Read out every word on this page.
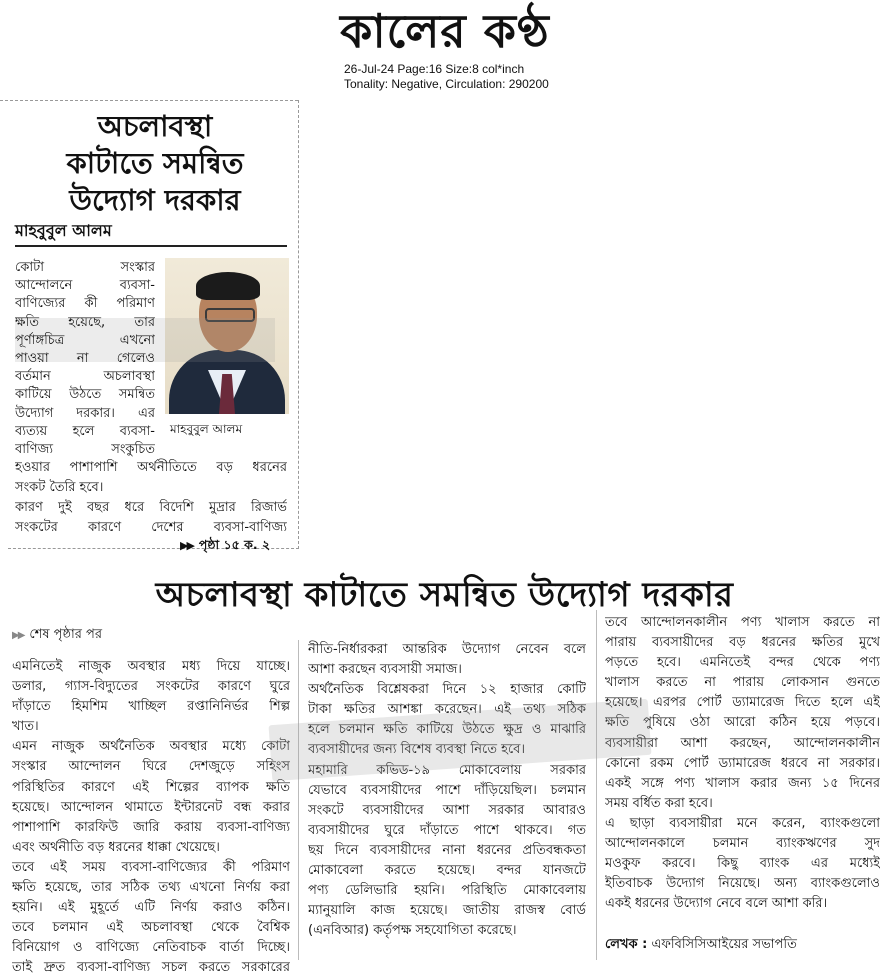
কালের কণ্ঠ
26-Jul-24 Page:16 Size:8 col*inch
Tonality: Negative, Circulation: 290200
অচলাবস্থা
কাটাতে সমন্বিত
উদ্যোগ দরকার
মাহবুবুল আলম
মাহবুবুল আলম
কোটা সংস্কার
আন্দোলনে ব্যবসা-
বাণিজ্যের কী পরিমাণ
ক্ষতি হয়েছে, তার
পূর্ণাঙ্গচিত্র এখনো
পাওয়া না গেলেও
বর্তমান অচলাবস্থা
কাটিয়ে উঠতে সমন্বিত
উদ্যোগ দরকার। এর
ব্যত্যয় হলে ব্যবসা-
বাণিজ্য সংকুচিত
হওয়ার পাশাপাশি অর্থনীতিতে বড় ধরনের
সংকট তৈরি হবে।
কারণ দুই বছর ধরে বিদেশি মুদ্রার রিজার্ভ
সংকটের কারণে দেশের ব্যবসা-বাণিজ্য
▶▶ পৃষ্ঠা ১৫ ক. ২
অচলাবস্থা কাটাতে সমন্বিত উদ্যোগ দরকার
▶▶ শেষ পৃষ্ঠার পর

এমনিতেই নাজুক অবস্থার মধ্য দিয়ে যাচ্ছে।

ডলার, গ্যাস-বিদ্যুতের সংকটের কারণে ঘুরে

দাঁড়াতে হিমশিম খাচ্ছিল রপ্তানিনির্ভর শিল্প

খাত।

এমন নাজুক অর্থনৈতিক অবস্থার মধ্যে কোটা

সংস্কার আন্দোলন ঘিরে দেশজুড়ে সহিংস

পরিস্থিতির কারণে এই শিল্পের ব্যাপক ক্ষতি

হয়েছে। আন্দোলন থামাতে ইন্টারনেট বন্ধ করার

পাশাপাশি কারফিউ জারি করায় ব্যবসা-বাণিজ্য

এবং অর্থনীতি বড় ধরনের ধাক্কা খেয়েছে।

তবে এই সময় ব্যবসা-বাণিজ্যের কী পরিমাণ

ক্ষতি হয়েছে, তার সঠিক তথ্য এখনো নির্ণয় করা

হয়নি। এই মুহূর্তে এটি নির্ণয় করাও কঠিন।

তবে চলমান এই অচলাবস্থা থেকে বৈশ্বিক

বিনিয়োগ ও বাণিজ্যে নেতিবাচক বার্তা দিচ্ছে।

তাই দ্রুত ব্যবসা-বাণিজ্য সচল করতে সরকারের

নীতি-নির্ধারকরা আন্তরিক উদ্যোগ নেবেন বলে

আশা করছেন ব্যবসায়ী সমাজ।

অর্থনৈতিক বিশ্লেষকরা দিনে ১২ হাজার কোটি

টাকা ক্ষতির আশঙ্কা করেছেন। এই তথ্য সঠিক

হলে চলমান ক্ষতি কাটিয়ে উঠতে ক্ষুদ্র ও মাঝারি

ব্যবসায়ীদের জন্য বিশেষ ব্যবস্থা নিতে হবে।

মহামারি কভিড-১৯ মোকাবেলায় সরকার

যেভাবে ব্যবসায়ীদের পাশে দাঁড়িয়েছিল। চলমান

সংকটে ব্যবসায়ীদের আশা সরকার আবারও

ব্যবসায়ীদের ঘুরে দাঁড়াতে পাশে থাকবে। গত

ছয় দিনে ব্যবসায়ীদের নানা ধরনের প্রতিবন্ধকতা

মোকাবেলা করতে হয়েছে। বন্দর যানজটে

পণ্য ডেলিভারি হয়নি। পরিস্থিতি মোকাবেলায়

ম্যানুয়ালি কাজ হয়েছে। জাতীয় রাজস্ব বোর্ড

(এনবিআর) কর্তৃপক্ষ সহযোগিতা করেছে।

তবে আন্দোলনকালীন পণ্য খালাস করতে না

পারায় ব্যবসায়ীদের বড় ধরনের ক্ষতির মুখে

পড়তে হবে। এমনিতেই বন্দর থেকে পণ্য

খালাস করতে না পারায় লোকসান গুনতে

হয়েছে। এরপর পোর্ট ড্যামারেজ দিতে হলে এই

ক্ষতি পুষিয়ে ওঠা আরো কঠিন হয়ে পড়বে।

ব্যবসায়ীরা আশা করছেন, আন্দোলনকালীন

কোনো রকম পোর্ট ড্যামারেজ ধরবে না সরকার।

একই সঙ্গে পণ্য খালাস করার জন্য ১৫ দিনের

সময় বর্ধিত করা হবে।

এ ছাড়া ব্যবসায়ীরা মনে করেন, ব্যাংকগুলো

আন্দোলনকালে চলমান ব্যাংকঋণের সুদ

মওকুফ করবে। কিছু ব্যাংক এর মধ্যেই

ইতিবাচক উদ্যোগ নিয়েছে। অন্য ব্যাংকগুলোও

একই ধরনের উদ্যোগ নেবে বলে আশা করি।

লেখক : এফবিসিসিআইয়ের সভাপতি
